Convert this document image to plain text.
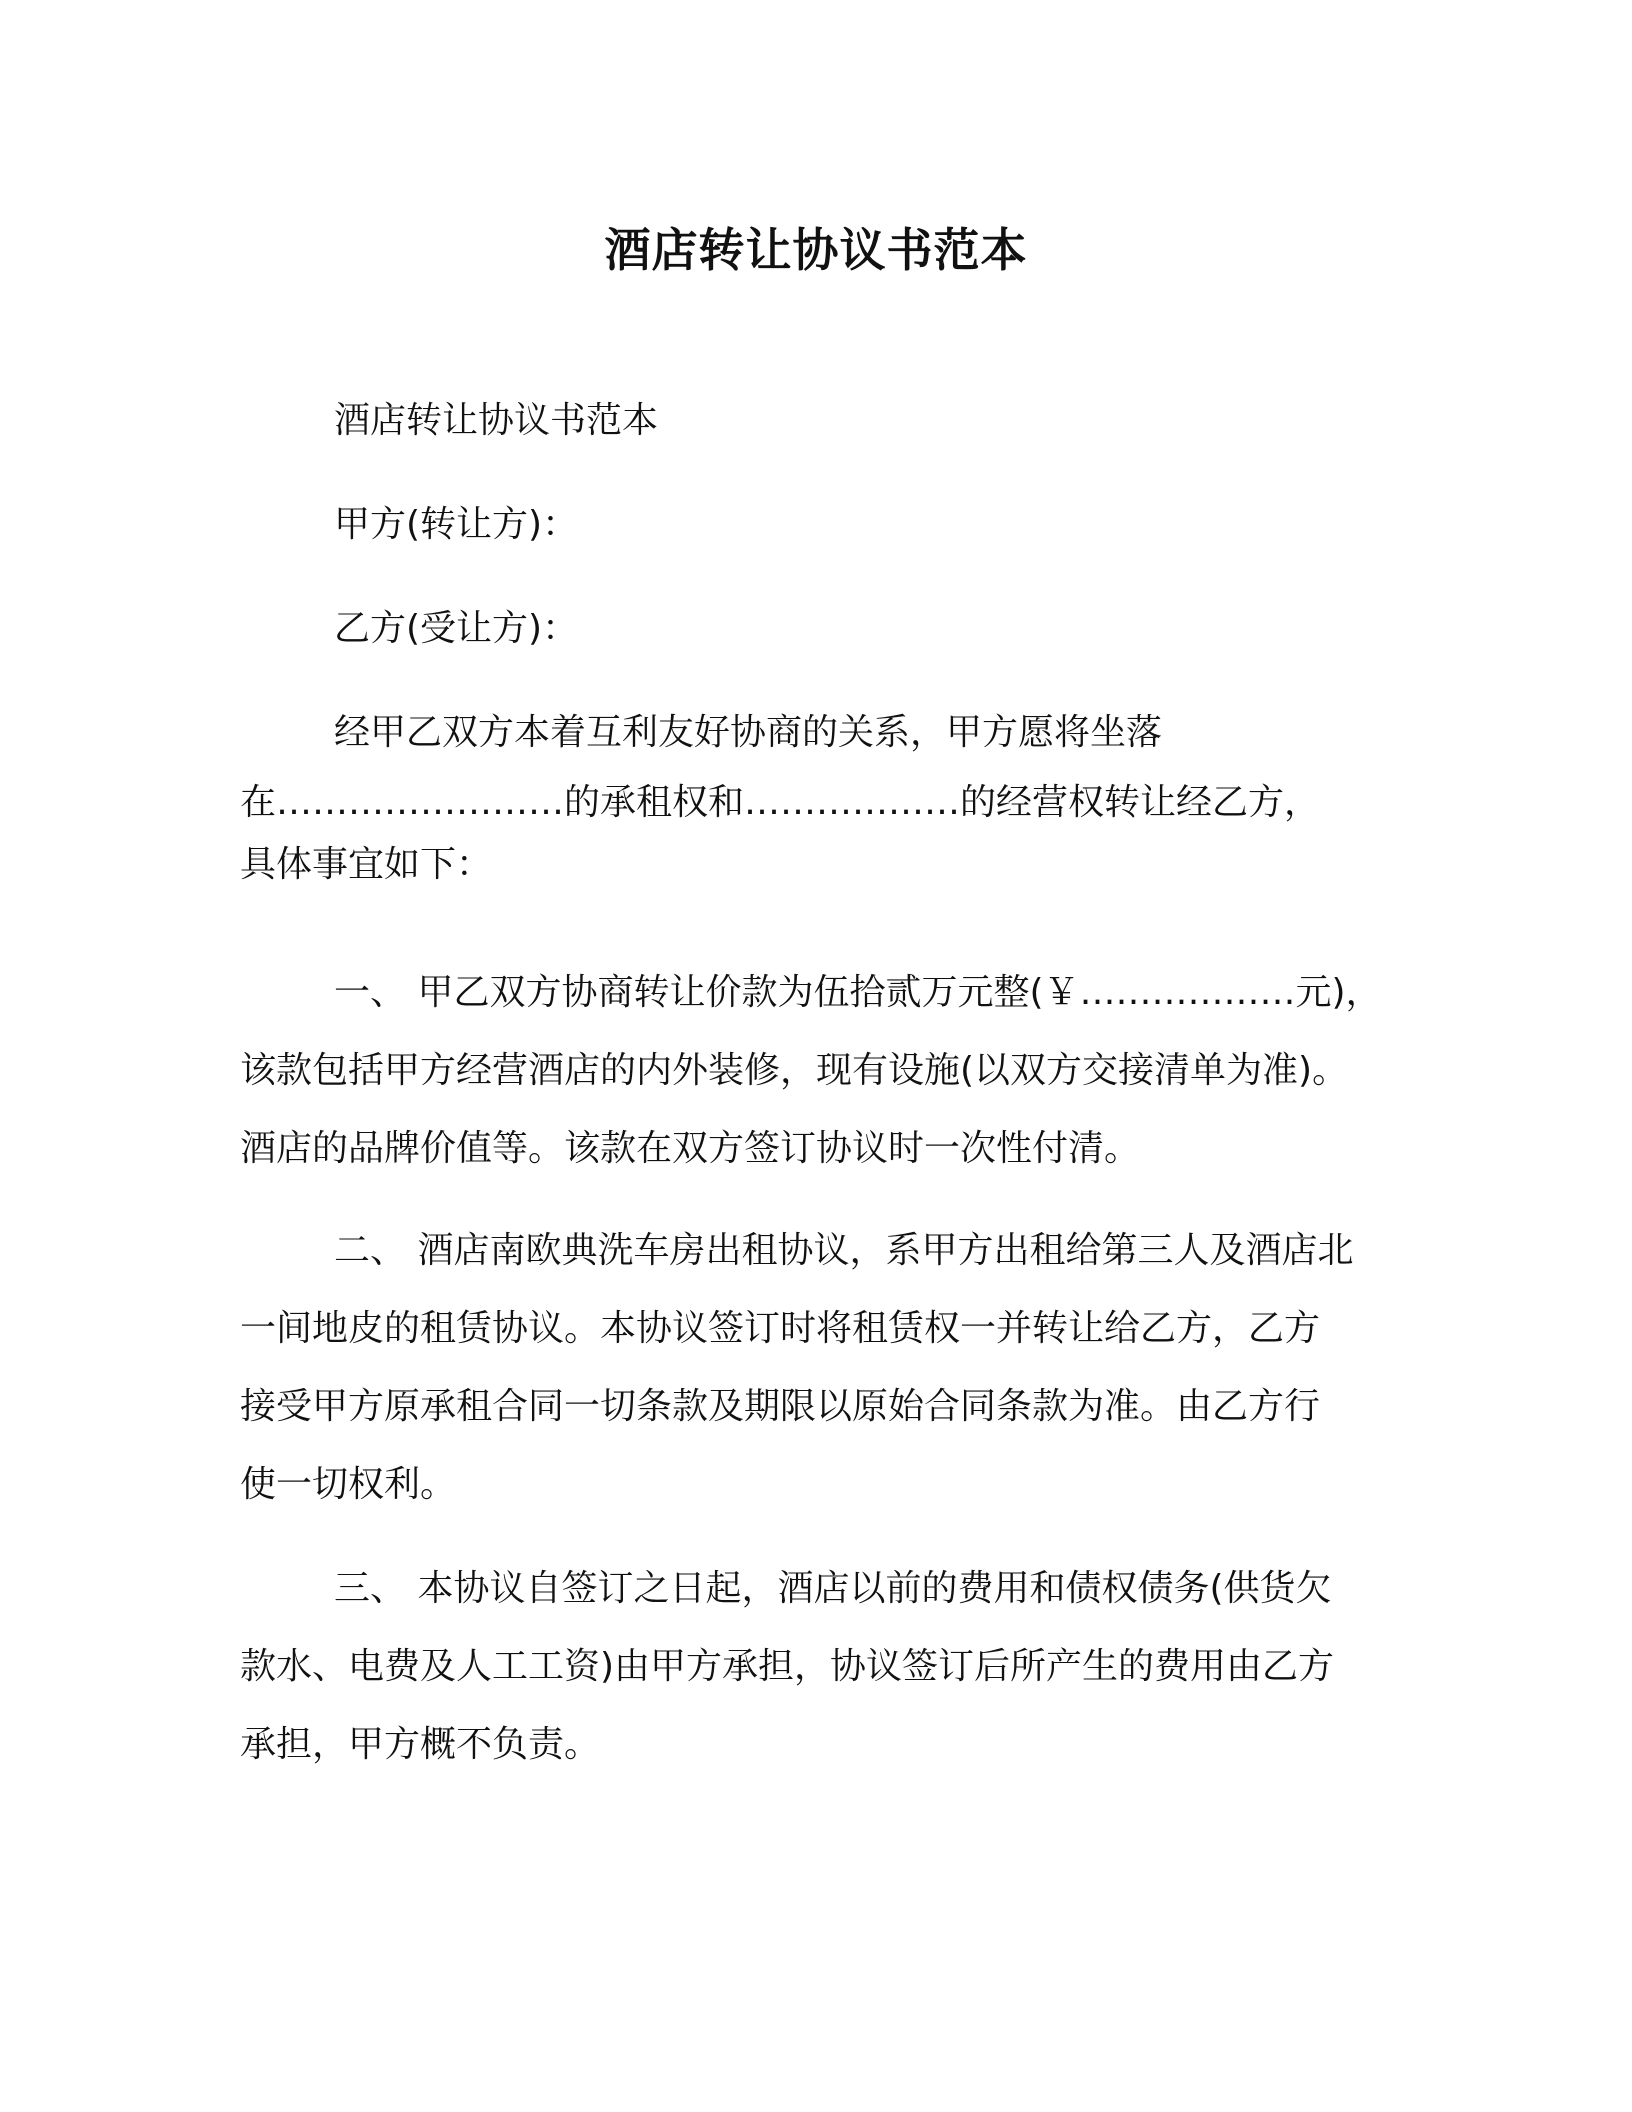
酒店转让协议书范本
酒店转让协议书范本
甲方(转让方)：
乙方(受让方)：
经甲乙双方本着互利友好协商的关系，甲方愿将坐落
在……………………的承租权和………………的经营权转让经乙方，
具体事宜如下：
一、 甲乙双方协商转让价款为伍拾贰万元整(￥………………元)，
该款包括甲方经营酒店的内外装修，现有设施(以双方交接清单为准)。
酒店的品牌价值等。该款在双方签订协议时一次性付清。
二、 酒店南欧典洗车房出租协议，系甲方出租给第三人及酒店北
一间地皮的租赁协议。本协议签订时将租赁权一并转让给乙方，乙方
接受甲方原承租合同一切条款及期限以原始合同条款为准。由乙方行
使一切权利。
三、 本协议自签订之日起，酒店以前的费用和债权债务(供货欠
款水、电费及人工工资)由甲方承担，协议签订后所产生的费用由乙方
承担，甲方概不负责。
